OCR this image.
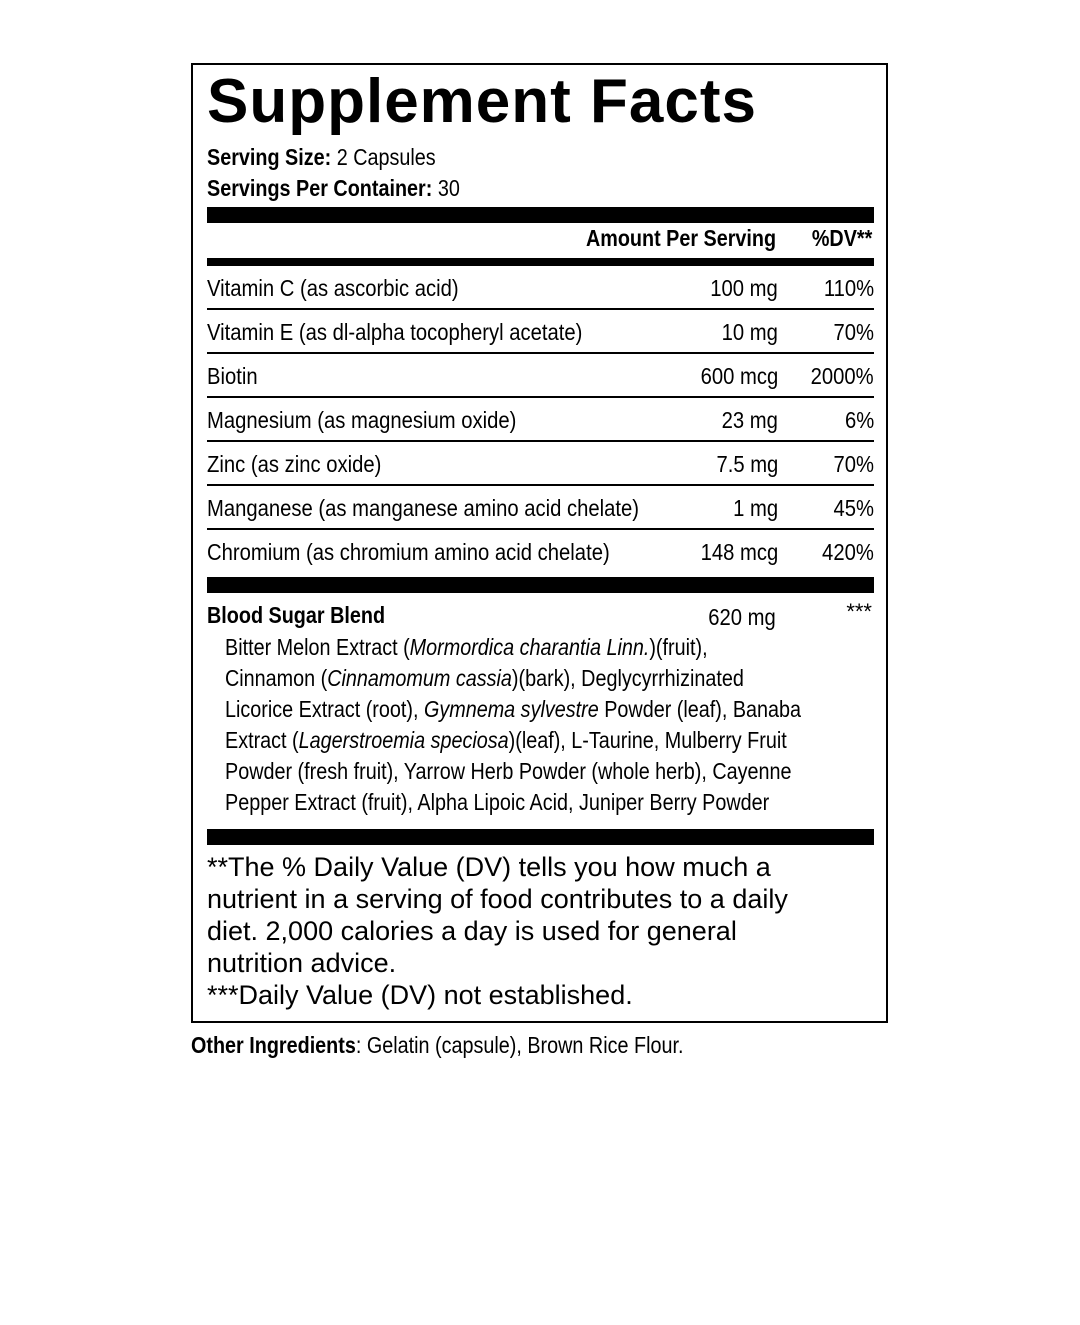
Supplement Facts
Serving Size: 2 Capsules
Servings Per Container: 30
Amount Per Serving %DV**
Vitamin C (as ascorbic acid)	100 mg 110%
Vitamin E (as dl-alpha tocopheryl acetate)	10 mg 70%
Biotin	600 mcg 2000%
Magnesium (as magnesium oxide)	23 mg	6%
Zinc (as zinc oxide)	7.5 mg 70%
Manganese (as manganese amino acid chelate)	1 mg 45%
Chromium (as chromium amino acid chelate)	148 mcg 420%
Blood Sugar Blend	620 mg	***
Bitter Melon Extract (Mormordica charantia Linn.)(fruit),
Cinnamon (Cinnamomum cassia)(bark), Deglycyrrhizinated
Licorice Extract (root), Gymnema sylvestre Powder (leaf), Banaba
Extract (Lagerstroemia speciosa)(leaf), L-Taurine, Mulberry Fruit
Powder (fresh fruit), Yarrow Herb Powder (whole herb), Cayenne
Pepper Extract (fruit), Alpha Lipoic Acid, Juniper Berry Powder
**The % Daily Value (DV) tells you how much a
nutrient in a serving of food contributes to a daily
diet. 2,000 calories a day is used for general
nutrition advice.
***Daily Value (DV) not established.
Other Ingredients: Gelatin (capsule), Brown Rice Flour.
